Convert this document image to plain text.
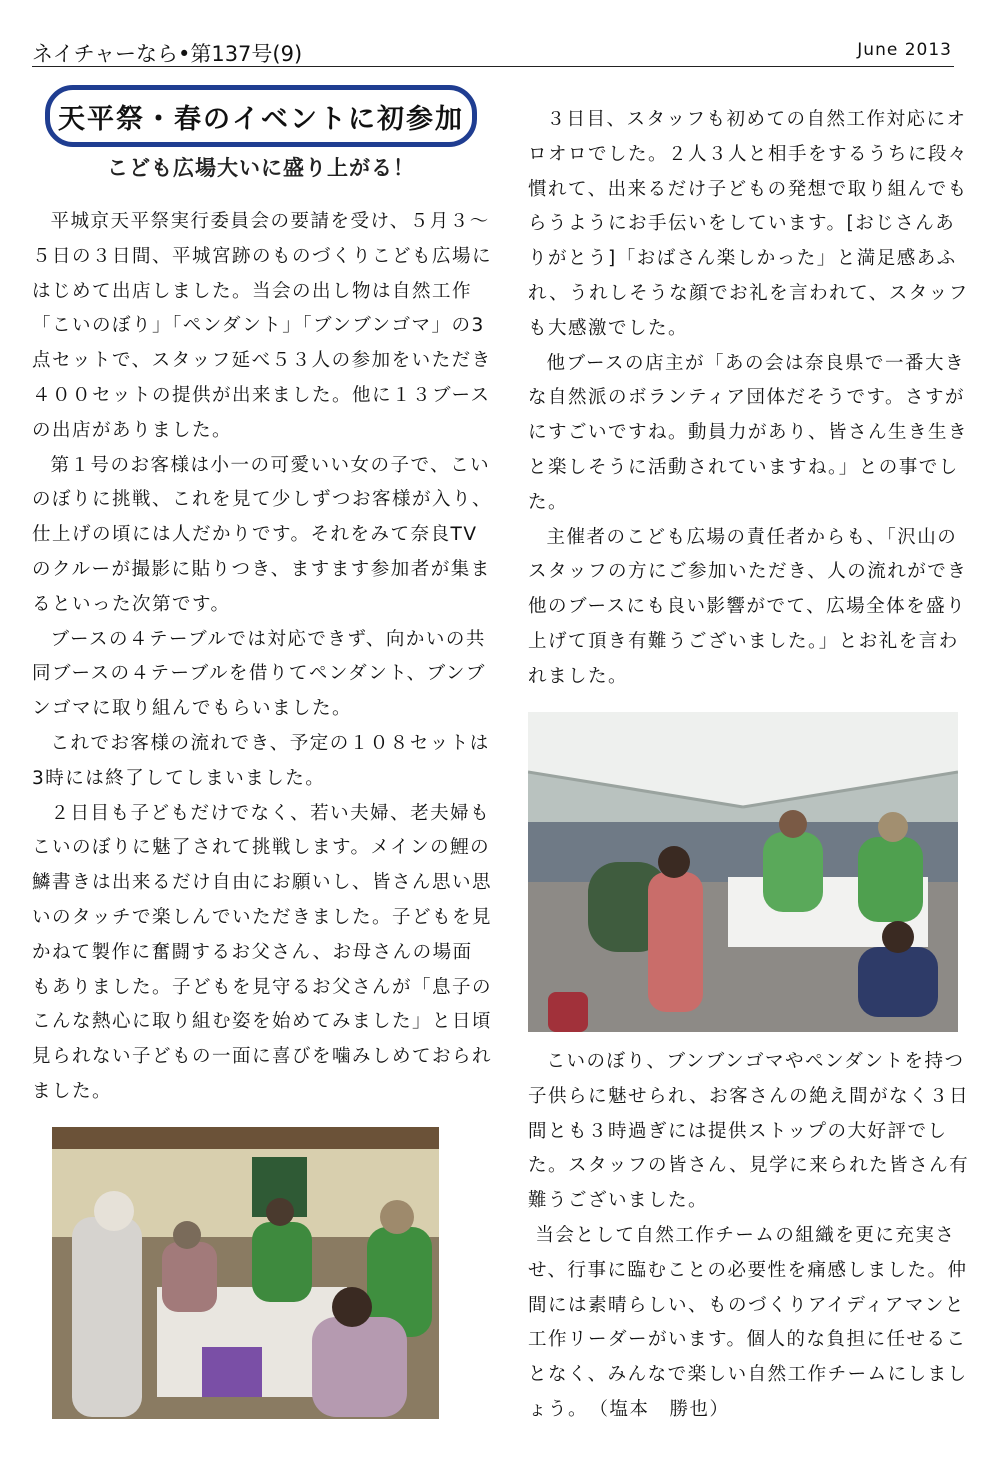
ネイチャーなら•第137号(9)	June 2013
天平祭・春のイベントに初参加
こども広場大いに盛り上がる！

平城京天平祭実行委員会の要請を受け、５月３～５日の３日間、平城宮跡のものづくりこども広場にはじめて出店しました。当会の出し物は自然工作「こいのぼり」「ペンダント」「ブンブンゴマ」の3点セットで、スタッフ延べ５３人の参加をいただき４００セットの提供が出来ました。他に１３ブースの出店がありました。

第１号のお客様は小一の可愛いい女の子で、こいのぼりに挑戦、これを見て少しずつお客様が入り、仕上げの頃には人だかりです。それをみて奈良TVのクルーが撮影に貼りつき、ますます参加者が集まるといった次第です。

ブースの４テーブルでは対応できず、向かいの共同ブースの４テーブルを借りてペンダント、ブンブンゴマに取り組んでもらいました。

これでお客様の流れでき、予定の１０８セットは3時には終了してしまいました。

２日目も子どもだけでなく、若い夫婦、老夫婦もこいのぼりに魅了されて挑戦します。メインの鯉の鱗書きは出来るだけ自由にお願いし、皆さん思い思いのタッチで楽しんでいただきました。子どもを見かねて製作に奮闘するお父さん、お母さんの場面もありました。子どもを見守るお父さんが「息子のこんな熱心に取り組む姿を始めてみました」と日頃見られない子どもの一面に喜びを噛みしめておられました。

３日目、スタッフも初めての自然工作対応にオロオロでした。２人３人と相手をするうちに段々慣れて、出来るだけ子どもの発想で取り組んでもらうようにお手伝いをしています。[おじさんありがとう]「おばさん楽しかった」と満足感あふれ、うれしそうな顔でお礼を言われて、スタッフも大感激でした。

他ブースの店主が「あの会は奈良県で一番大きな自然派のボランティア団体だそうです。さすがにすごいですね。動員力があり、皆さん生き生きと楽しそうに活動されていますね。」との事でした。

主催者のこども広場の責任者からも、「沢山のスタッフの方にご参加いただき、人の流れができ他のブースにも良い影響がでて、広場全体を盛り上げて頂き有難うございました。」とお礼を言われました。

こいのぼり、ブンブンゴマやペンダントを持つ子供らに魅せられ、お客さんの絶え間がなく３日間とも３時過ぎには提供ストップの大好評でした。スタッフの皆さん、見学に来られた皆さん有難うございました。

当会として自然工作チームの組織を更に充実させ、行事に臨むことの必要性を痛感しました。仲間には素晴らしい、ものづくりアイディアマンと工作リーダーがいます。個人的な負担に任せることなく、みんなで楽しい自然工作チームにしましょう。　（塩本　勝也）
